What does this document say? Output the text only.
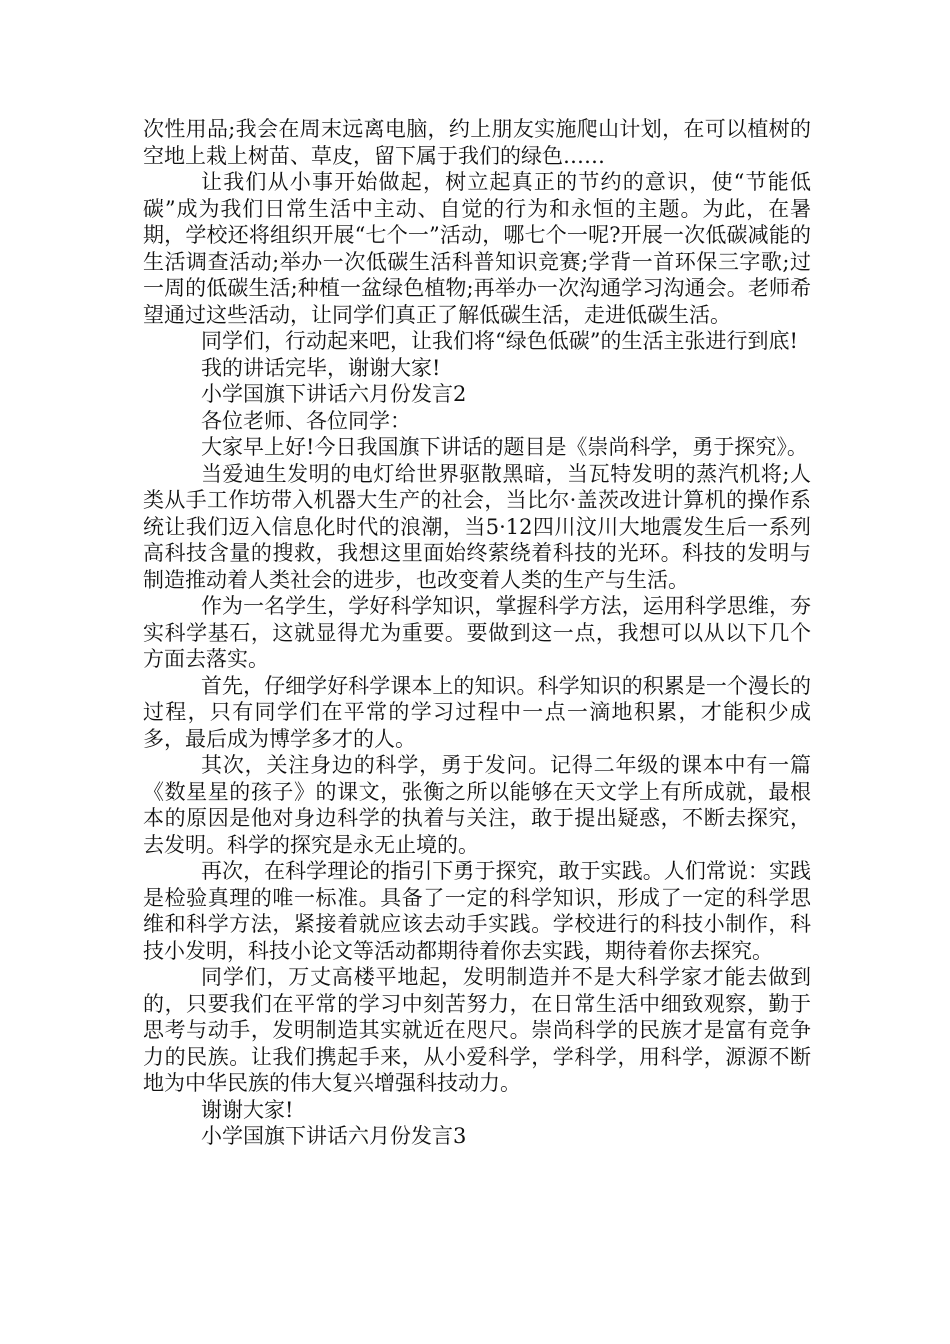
次性用品;我会在周末远离电脑，约上朋友实施爬山计划，在可以植树的空地上栽上树苗、草皮，留下属于我们的绿色……

让我们从小事开始做起，树立起真正的节约的意识，使“节能低碳”成为我们日常生活中主动、自觉的行为和永恒的主题。为此，在暑期，学校还将组织开展“七个一”活动，哪七个一呢?开展一次低碳减能的生活调查活动;举办一次低碳生活科普知识竞赛;学背一首环保三字歌;过一周的低碳生活;种植一盆绿色植物;再举办一次沟通学习沟通会。老师希望通过这些活动，让同学们真正了解低碳生活，走进低碳生活。

同学们，行动起来吧，让我们将“绿色低碳”的生活主张进行到底!

我的讲话完毕，谢谢大家!

小学国旗下讲话六月份发言2

各位老师、各位同学：

大家早上好!今日我国旗下讲话的题目是《崇尚科学，勇于探究》。

当爱迪生发明的电灯给世界驱散黑暗，当瓦特发明的蒸汽机将;人类从手工作坊带入机器大生产的社会，当比尔·盖茨改进计算机的操作系统让我们迈入信息化时代的浪潮，当5·12四川汶川大地震发生后一系列高科技含量的搜救，我想这里面始终萦绕着科技的光环。科技的发明与制造推动着人类社会的进步，也改变着人类的生产与生活。

作为一名学生，学好科学知识，掌握科学方法，运用科学思维，夯实科学基石，这就显得尤为重要。要做到这一点，我想可以从以下几个方面去落实。

首先，仔细学好科学课本上的知识。科学知识的积累是一个漫长的过程，只有同学们在平常的学习过程中一点一滴地积累，才能积少成多，最后成为博学多才的人。

其次，关注身边的科学，勇于发问。记得二年级的课本中有一篇《数星星的孩子》的课文，张衡之所以能够在天文学上有所成就，最根本的原因是他对身边科学的执着与关注，敢于提出疑惑，不断去探究，去发明。科学的探究是永无止境的。

再次，在科学理论的指引下勇于探究，敢于实践。人们常说：实践是检验真理的唯一标准。具备了一定的科学知识，形成了一定的科学思维和科学方法，紧接着就应该去动手实践。学校进行的科技小制作，科技小发明，科技小论文等活动都期待着你去实践，期待着你去探究。

同学们，万丈高楼平地起，发明制造并不是大科学家才能去做到的，只要我们在平常的学习中刻苦努力，在日常生活中细致观察，勤于思考与动手，发明制造其实就近在咫尺。崇尚科学的民族才是富有竞争力的民族。让我们携起手来，从小爱科学，学科学，用科学，源源不断地为中华民族的伟大复兴增强科技动力。

谢谢大家!

小学国旗下讲话六月份发言3
